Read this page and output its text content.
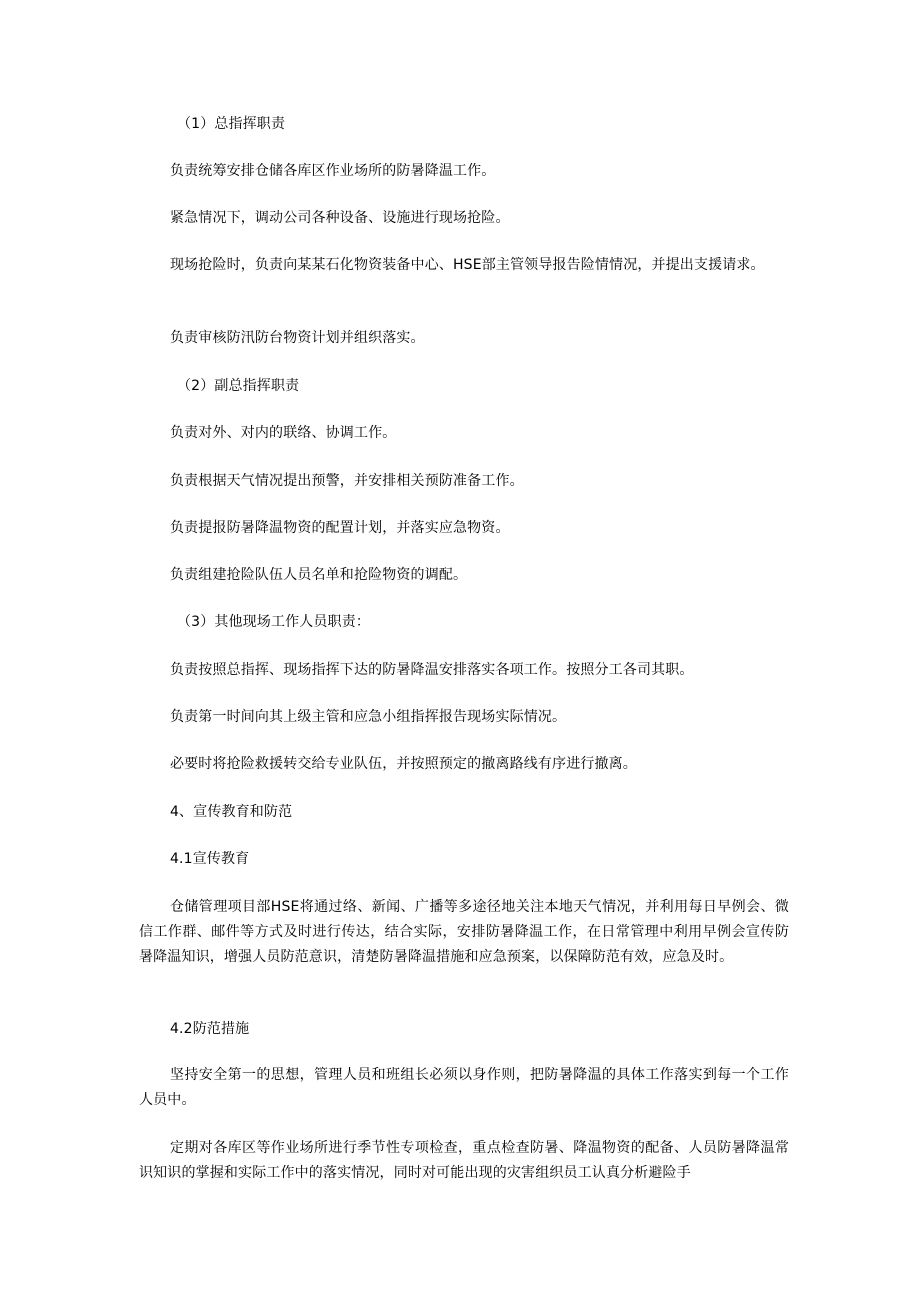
（1）总指挥职责

负责统筹安排仓储各库区作业场所的防暑降温工作。

紧急情况下，调动公司各种设备、设施进行现场抢险。

现场抢险时，负责向某某石化物资装备中心、HSE部主管领导报告险情情况，并提出支援请求。

负责审核防汛防台物资计划并组织落实。

（2）副总指挥职责

负责对外、对内的联络、协调工作。

负责根据天气情况提出预警，并安排相关预防准备工作。

负责提报防暑降温物资的配置计划，并落实应急物资。

负责组建抢险队伍人员名单和抢险物资的调配。

（3）其他现场工作人员职责：

负责按照总指挥、现场指挥下达的防暑降温安排落实各项工作。按照分工各司其职。

负责第一时间向其上级主管和应急小组指挥报告现场实际情况。

必要时将抢险救援转交给专业队伍，并按照预定的撤离路线有序进行撤离。

4、宣传教育和防范

4.1宣传教育

仓储管理项目部HSE将通过络、新闻、广播等多途径地关注本地天气情况，并利用每日早例会、微信工作群、邮件等方式及时进行传达，结合实际，安排防暑降温工作，在日常管理中利用早例会宣传防暑降温知识，增强人员防范意识，清楚防暑降温措施和应急预案，以保障防范有效，应急及时。

4.2防范措施

坚持安全第一的思想，管理人员和班组长必须以身作则，把防暑降温的具体工作落实到每一个工作人员中。

定期对各库区等作业场所进行季节性专项检查，重点检查防暑、降温物资的配备、人员防暑降温常识知识的掌握和实际工作中的落实情况，同时对可能出现的灾害组织员工认真分析避险手
